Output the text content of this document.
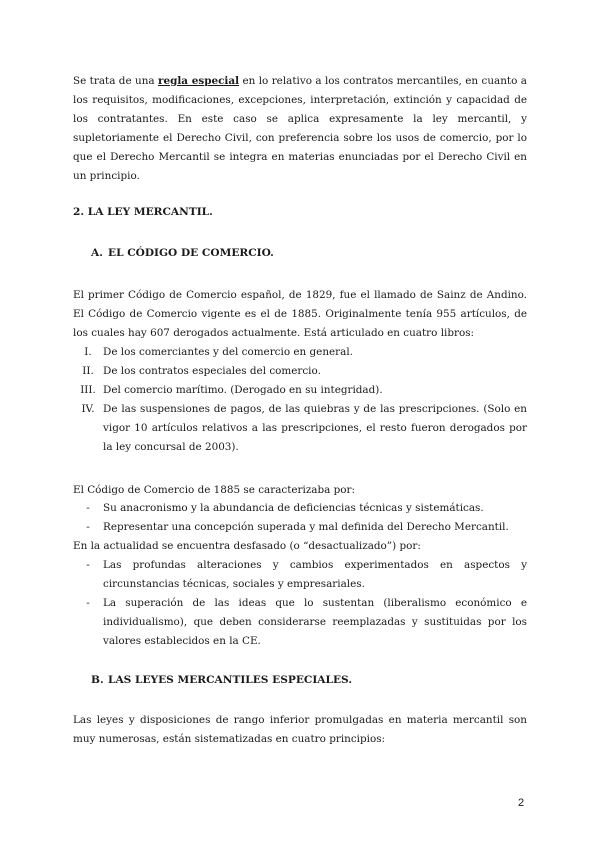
Se trata de una regla especial en lo relativo a los contratos mercantiles, en cuanto a los requisitos, modificaciones, excepciones, interpretación, extinción y capacidad de los contratantes. En este caso se aplica expresamente la ley mercantil, y supletoriamente el Derecho Civil, con preferencia sobre los usos de comercio, por lo que el Derecho Mercantil se integra en materias enunciadas por el Derecho Civil en un principio.

2. LA LEY MERCANTIL.
A. EL CÓDIGO DE COMERCIO.

El primer Código de Comercio español, de 1829, fue el llamado de Sainz de Andino. El Código de Comercio vigente es el de 1885. Originalmente tenía 955 artículos, de los cuales hay 607 derogados actualmente. Está articulado en cuatro libros:

I.	De los comerciantes y del comercio en general.
II. De los contratos especiales del comercio.
III. Del comercio marítimo. (Derogado en su integridad).
IV. De las suspensiones de pagos, de las quiebras y de las prescripciones. (Solo en vigor 10 artículos relativos a las prescripciones, el resto fueron derogados por la ley concursal de 2003).

El Código de Comercio de 1885 se caracterizaba por:

-	Su anacronismo y la abundancia de deficiencias técnicas y sistemáticas.
-	Representar una concepción superada y mal definida del Derecho Mercantil.

En la actualidad se encuentra desfasado (o “desactualizado”) por:

-	Las profundas alteraciones y cambios experimentados en aspectos y circunstancias técnicas, sociales y empresariales.
-	La superación de las ideas que lo sustentan (liberalismo económico e individualismo), que deben considerarse reemplazadas y sustituidas por los valores establecidos en la CE.
B. LAS LEYES MERCANTILES ESPECIALES.

Las leyes y disposiciones de rango inferior promulgadas en materia mercantil son muy numerosas, están sistematizadas en cuatro principios:

2
